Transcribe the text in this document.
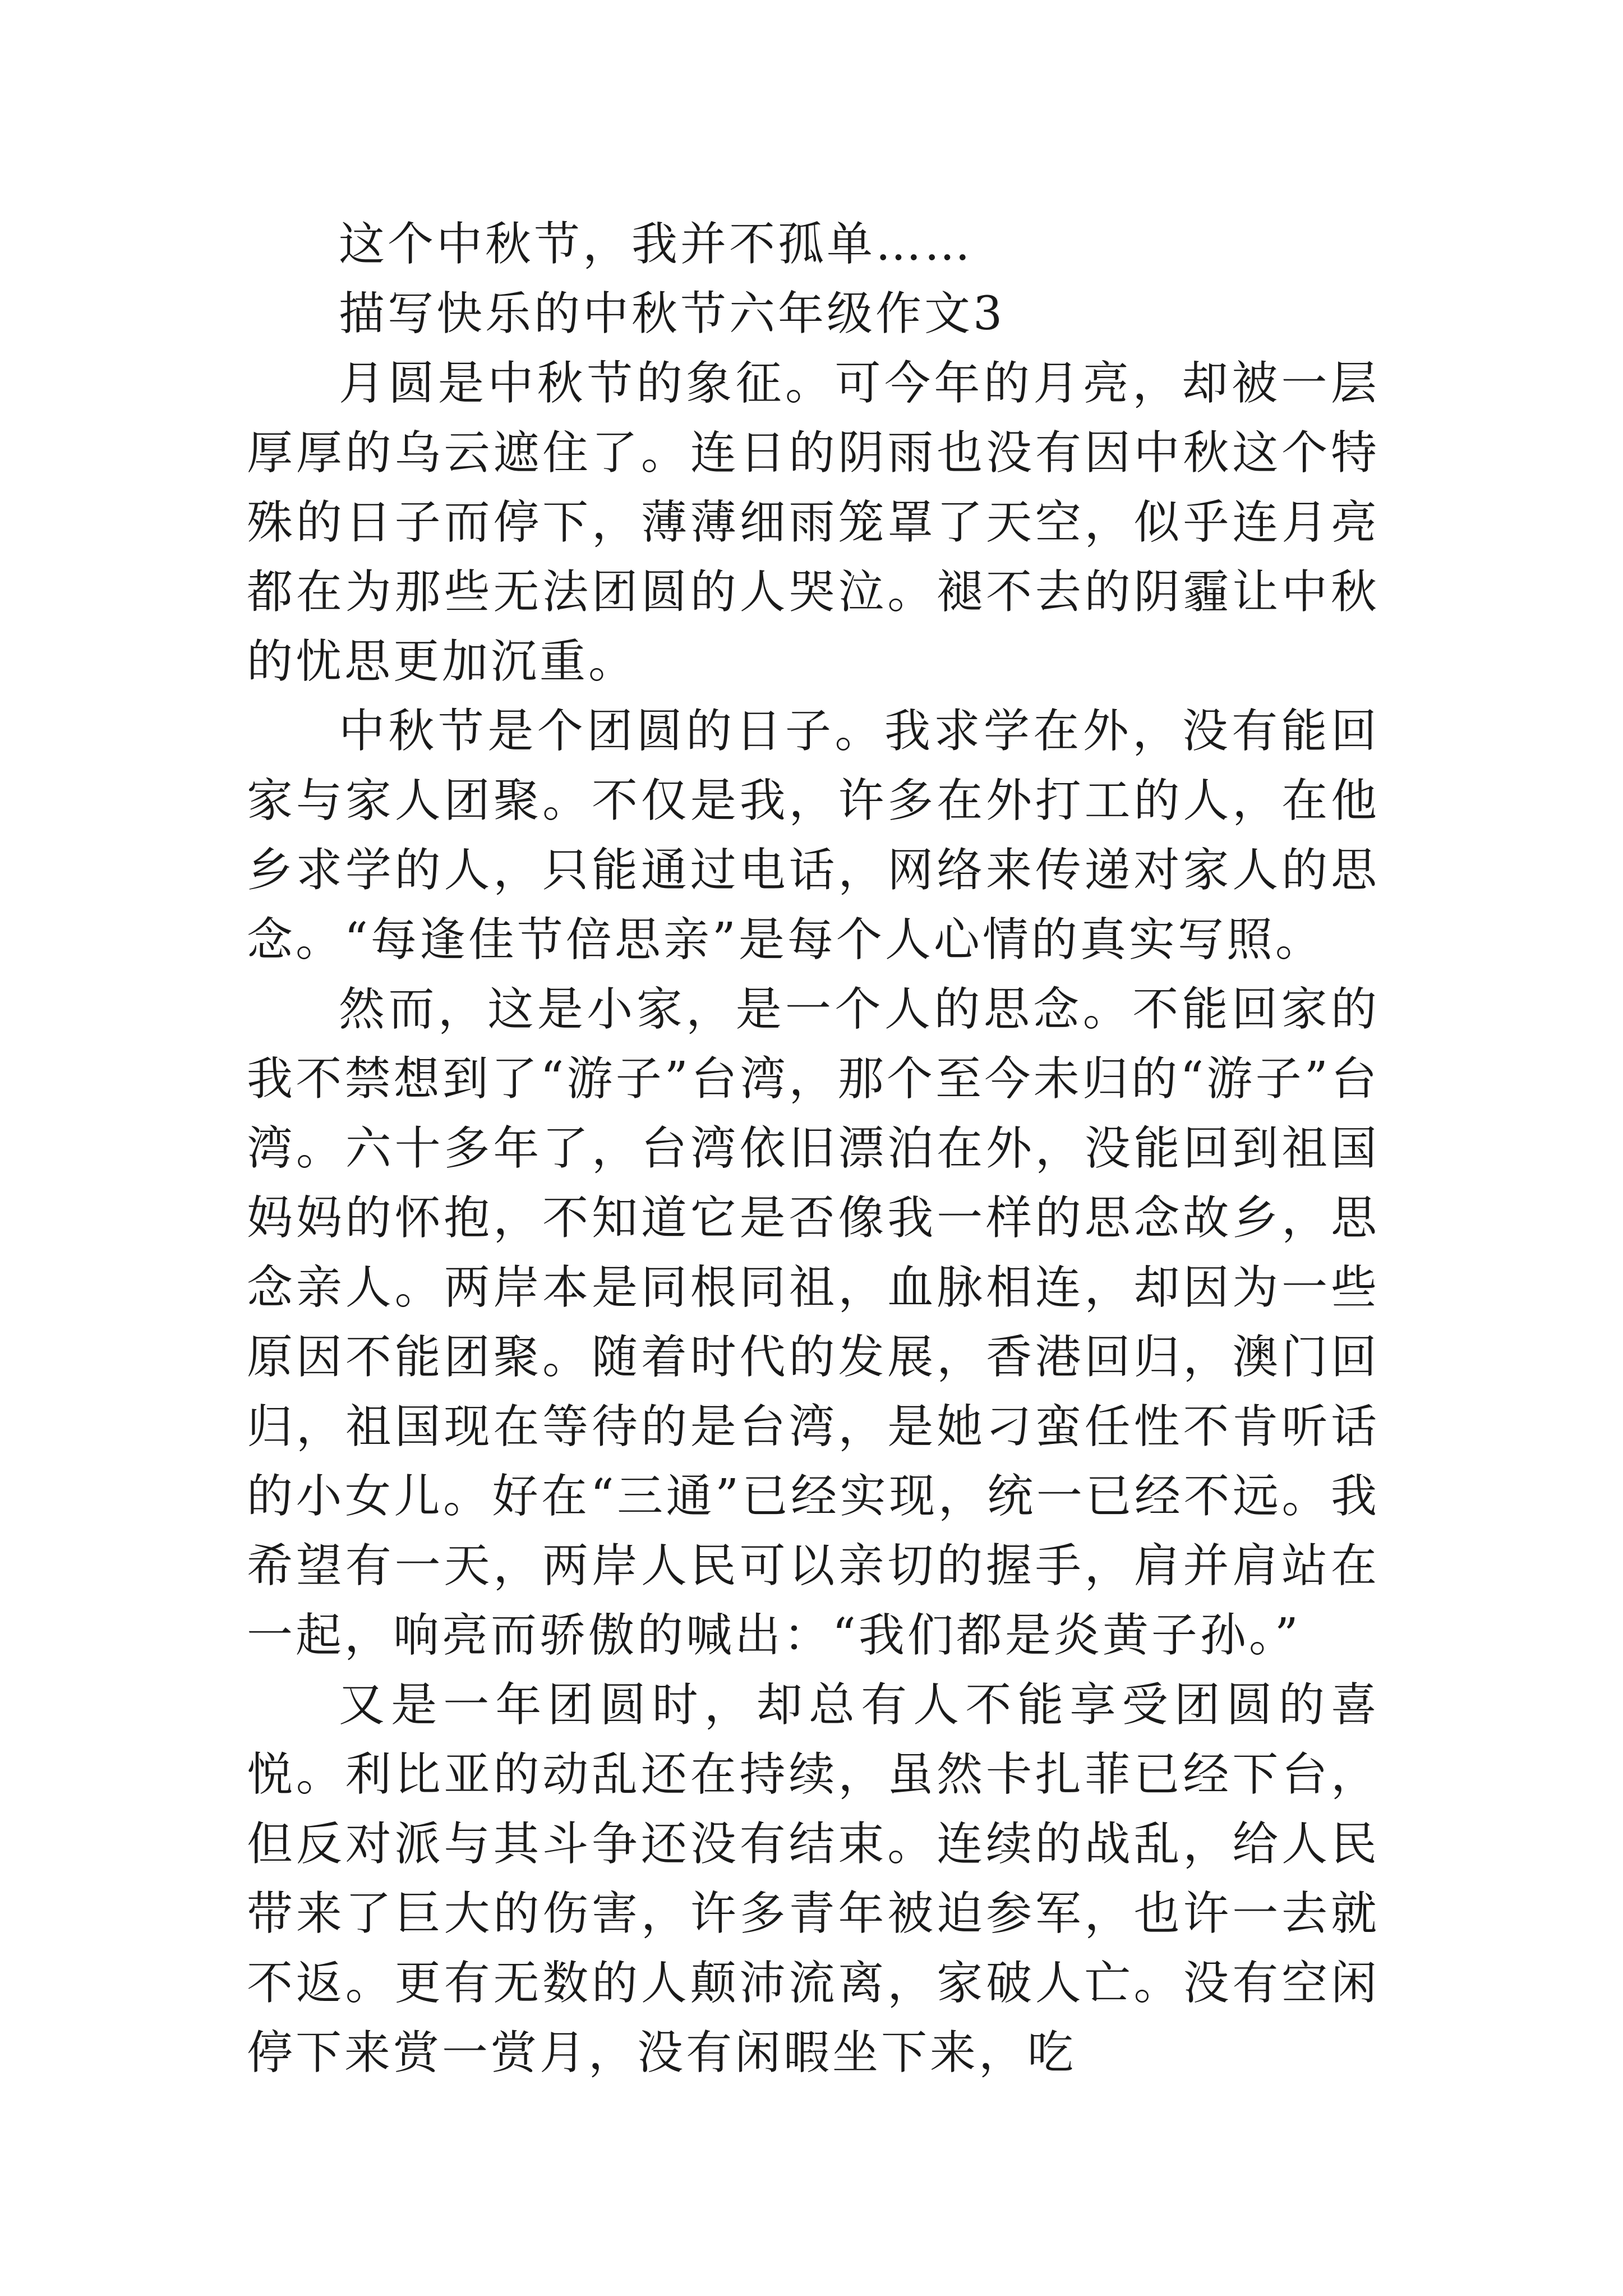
这个中秋节，我并不孤单……

描写快乐的中秋节六年级作文3

月圆是中秋节的象征。可今年的月亮，却被一层厚厚的乌云遮住了。连日的阴雨也没有因中秋这个特殊的日子而停下，薄薄细雨笼罩了天空，似乎连月亮都在为那些无法团圆的人哭泣。褪不去的阴霾让中秋的忧思更加沉重。

中秋节是个团圆的日子。我求学在外，没有能回家与家人团聚。不仅是我，许多在外打工的人，在他乡求学的人，只能通过电话，网络来传递对家人的思念。“每逢佳节倍思亲”是每个人心情的真实写照。

然而，这是小家，是一个人的思念。不能回家的我不禁想到了“游子”台湾，那个至今未归的“游子”台湾。六十多年了，台湾依旧漂泊在外，没能回到祖国妈妈的怀抱，不知道它是否像我一样的思念故乡，思念亲人。两岸本是同根同祖，血脉相连，却因为一些原因不能团聚。随着时代的发展，香港回归，澳门回归，祖国现在等待的是台湾，是她刁蛮任性不肯听话的小女儿。好在“三通”已经实现，统一已经不远。我希望有一天，两岸人民可以亲切的握手，肩并肩站在一起，响亮而骄傲的喊出：“我们都是炎黄子孙。”

又是一年团圆时，却总有人不能享受团圆的喜悦。利比亚的动乱还在持续，虽然卡扎菲已经下台，但反对派与其斗争还没有结束。连续的战乱，给人民带来了巨大的伤害，许多青年被迫参军，也许一去就不返。更有无数的人颠沛流离，家破人亡。没有空闲停下来赏一赏月，没有闲暇坐下来，吃
